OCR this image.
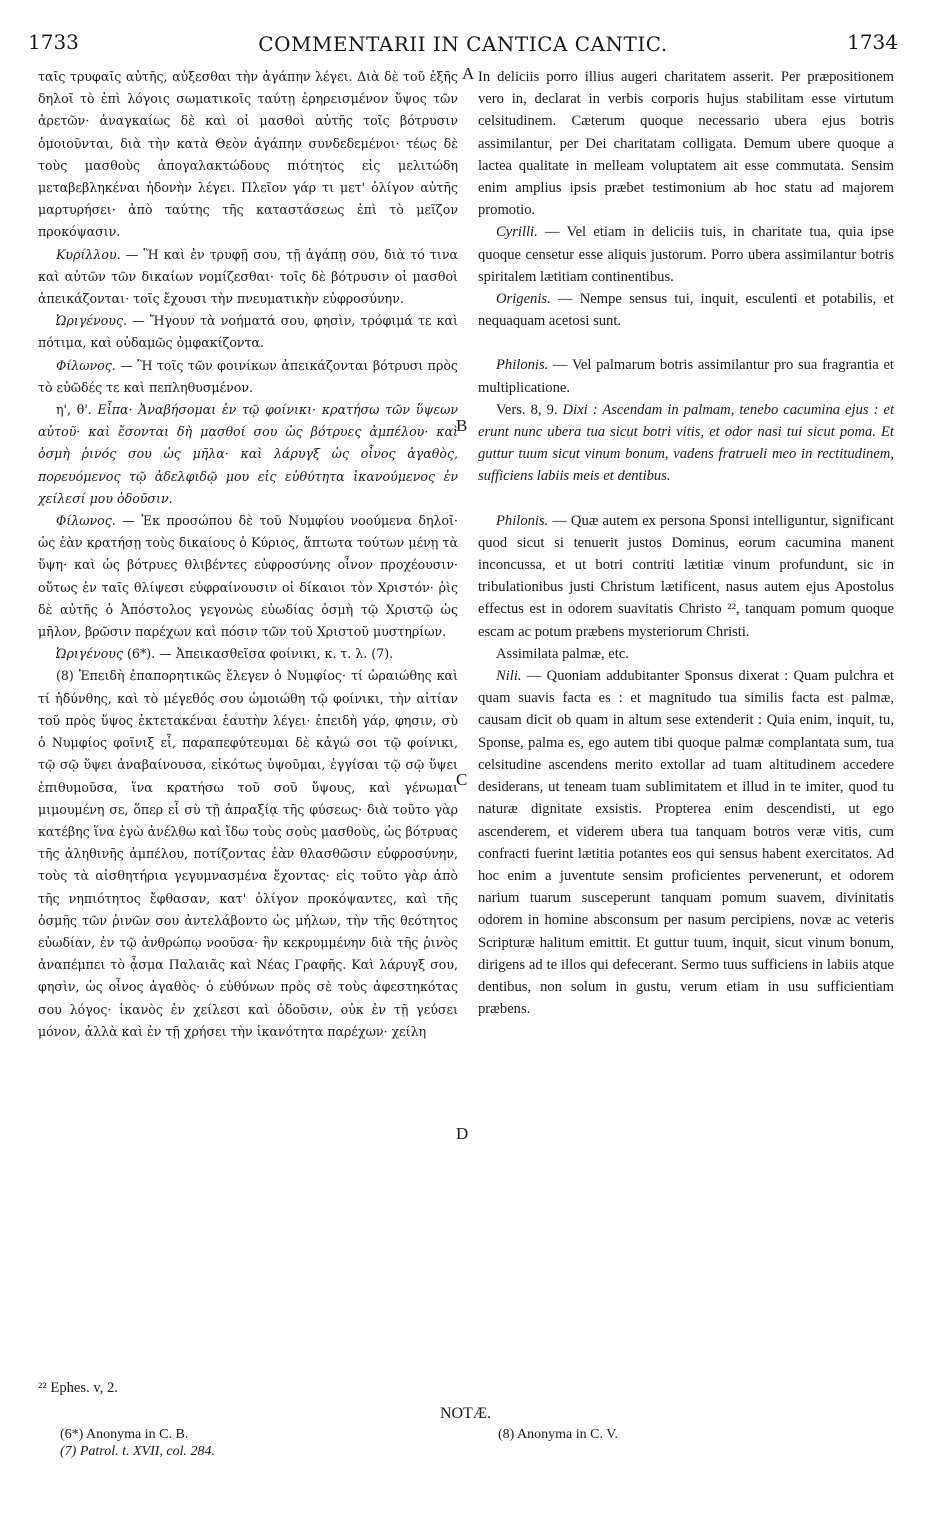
1733	COMMENTARII IN CANTICA CANTIC.	1734
A
B
C
D

ταῖς τρυφαῖς αὐτῆς, αὐξεσθαι τὴν ἀγάπην λέγει. Διὰ δὲ τοῦ ἑξῆς δηλοῖ τὸ ἐπὶ λόγοις σωματικοῖς ταύτῃ ἐρηρεισμένον ὕψος τῶν ἀρετῶν· ἀναγκαίως δὲ καὶ οἱ μασθοὶ αὐτῆς τοῖς βότρυσιν ὁμοιοῦνται, διὰ τὴν κατὰ Θεὸν ἀγάπην συνδεδεμένοι· τέως δὲ τοὺς μασθοὺς ἀπογαλακτώδους πιότητος εἰς μελιτώδη μεταβεβληκέναι ἡδονὴν λέγει. Πλεῖον γάρ τι μετ' ὀλίγον αὐτῆς μαρτυρήσει· ἀπὸ ταύτης τῆς καταστάσεως ἐπὶ τὸ μεῖζον προκόψασιν.

Κυρίλλου. — Ἢ καὶ ἐν τρυφῇ σου, τῇ ἀγάπῃ σου, διὰ τό τινα καὶ αὐτῶν τῶν δικαίων νομίζεσθαι· τοῖς δὲ βότρυσιν οἱ μασθοὶ ἀπεικάζονται· τοῖς ἔχουσι τὴν πνευματικὴν εὐφροσύνην.

Ὠριγένους. — Ἤγουν τὰ νοήματά σου, φησὶν, τρόφιμά τε καὶ πότιμα, καὶ οὐδαμῶς ὀμφακίζοντα.

Φίλωνος. — Ἢ τοῖς τῶν φοινίκων ἀπεικάζονται βότρυσι πρὸς τὸ εὐῶδές τε καὶ πεπληθυσμένον.

η', θ'. Εἶπα· Ἀναβήσομαι ἐν τῷ φοίνικι· κρατήσω τῶν ὕψεων αὐτοῦ· καὶ ἔσονται δὴ μασθοί σου ὡς βότρυες ἀμπέλου· καὶ ὀσμὴ ῥινός σου ὡς μῆλα· καὶ λάρυγξ ὡς οἶνος ἀγαθὸς, πορευόμενος τῷ ἀδελφιδῷ μου εἰς εὐθύτητα ἱκανούμενος ἐν χείλεσί μου ὀδοῦσιν.

Φίλωνος. — Ἐκ προσώπου δὲ τοῦ Νυμφίου νοούμενα δηλοῖ· ὡς ἐὰν κρατήσῃ τοὺς δικαίους ὁ Κύριος, ἄπτωτα τούτων μένῃ τὰ ὕψη· καὶ ὡς βότρυες θλιβέντες εὐφροσύνης οἶνον προχέουσιν· οὕτως ἐν ταῖς θλίψεσι εὐφραίνουσιν οἱ δίκαιοι τὸν Χριστόν· ῥὶς δὲ αὐτῆς ὁ Ἀπόστολος γεγονὼς εὐωδίας ὀσμὴ τῷ Χριστῷ ὡς μῆλον, βρῶσιν παρέχων καὶ πόσιν τῶν τοῦ Χριστοῦ μυστηρίων.

Ὠριγένους (6*). — Ἀπεικασθεῖσα φοίνικι, κ. τ. λ. (7).

(8) Ἐπειδὴ ἐπαπορητικῶς ἔλεγεν ὁ Νυμφίος· τί ὡραιώθης καὶ τί ἡδύνθης, καὶ τὸ μέγεθός σου ὡμοιώθη τῷ φοίνικι, τὴν αἰτίαν τοῦ πρὸς ὕψος ἐκτετακέναι ἑαυτὴν λέγει· ἐπειδὴ γάρ, φησιν, σὺ ὁ Νυμφίος φοῖνιξ εἶ, παραπεφύτευμαι δὲ κἀγώ σοι τῷ φοίνικι, τῷ σῷ ὕψει ἀναβαίνουσα, εἰκότως ὑψοῦμαι, ἐγγίσαι τῷ σῷ ὕψει ἐπιθυμοῦσα, ἵνα κρατήσω τοῦ σοῦ ὕψους, καὶ γένωμαι μιμουμένη σε, ὅπερ εἶ σὺ τῇ ἀπραξίᾳ τῆς φύσεως· διὰ τοῦτο γὰρ κατέβης ἵνα ἐγὼ ἀνέλθω καὶ ἴδω τοὺς σοὺς μασθοὺς, ὡς βότρυας τῆς ἀληθινῆς ἀμπέλου, ποτίζοντας ἐὰν θλασθῶσιν εὐφροσύνην, τοὺς τὰ αἰσθητήρια γεγυμνασμένα ἔχοντας· εἰς τοῦτο γὰρ ἀπὸ τῆς νηπιότητος ἔφθασαν, κατ' ὀλίγον προκόψαντες, καὶ τῆς ὀσμῆς τῶν ῥινῶν σου ἀντελάβοντο ὡς μήλων, τὴν τῆς θεότητος εὐωδίαν, ἐν τῷ ἀνθρώπῳ νοοῦσα· ἣν κεκρυμμένην διὰ τῆς ῥινὸς ἀναπέμπει τὸ ᾆσμα Παλαιᾶς καὶ Νέας Γραφῆς. Καὶ λάρυγξ σου, φησὶν, ὡς οἶνος ἀγαθὸς· ὁ εὐθύνων πρὸς σὲ τοὺς ἀφεστηκότας σου λόγος· ἱκανὸς ἐν χείλεσι καὶ ὀδοῦσιν, οὐκ ἐν τῇ γεύσει μόνον, ἀλλὰ καὶ ἐν τῇ χρήσει τὴν ἱκανότητα παρέχων· χείλη

In deliciis porro illius augeri charitatem asserit. Per præpositionem vero in, declarat in verbis corporis hujus stabilitam esse virtutum celsitudinem. Cæterum quoque necessario ubera ejus botris assimilantur, per Dei charitatam colligata. Demum ubere quoque a lactea qualitate in melleam voluptatem ait esse commutata. Sensim enim amplius ipsis præbet testimonium ab hoc statu ad majorem promotio.

Cyrilli. — Vel etiam in deliciis tuis, in charitate tua, quia ipse quoque censetur esse aliquis justorum. Porro ubera assimilantur botris spiritalem lætitiam continentibus.

Origenis. — Nempe sensus tui, inquit, esculenti et potabilis, et nequaquam acetosi sunt.

Philonis. — Vel palmarum botris assimilantur pro sua fragrantia et multiplicatione.

Vers. 8, 9. Dixi : Ascendam in palmam, tenebo cacumina ejus : et erunt nunc ubera tua sicut botri vitis, et odor nasi tui sicut poma. Et guttur tuum sicut vinum bonum, vadens fratrueli meo in rectitudinem, sufficiens labiis meis et dentibus.

Philonis. — Quæ autem ex persona Sponsi intelliguntur, significant quod sicut si tenuerit justos Dominus, eorum cacumina manent inconcussa, et ut botri contriti lætitiæ vinum profundunt, sic in tribulationibus justi Christum lætificent, nasus autem ejus Apostolus effectus est in odorem suavitatis Christo ²², tanquam pomum quoque escam ac potum præbens mysteriorum Christi.

Assimilata palmæ, etc.

Nili. — Quoniam addubitanter Sponsus dixerat : Quam pulchra et quam suavis facta es : et magnitudo tua similis facta est palmæ, causam dicit ob quam in altum sese extenderit : Quia enim, inquit, tu, Sponse, palma es, ego autem tibi quoque palmæ complantata sum, tua celsitudine ascendens merito extollar ad tuam altitudinem accedere desiderans, ut teneam tuam sublimitatem et illud in te imiter, quod tu naturæ dignitate exsistis. Propterea enim descendisti, ut ego ascenderem, et viderem ubera tua tanquam botros veræ vitis, cum confracti fuerint lætitia potantes eos qui sensus habent exercitatos. Ad hoc enim a juventute sensim proficientes pervenerunt, et odorem narium tuarum susceperunt tanquam pomum suavem, divinitatis odorem in homine absconsum per nasum percipiens, novæ ac veteris Scripturæ halitum emittit. Et guttur tuum, inquit, sicut vinum bonum, dirigens ad te illos qui defecerant. Sermo tuus sufficiens in labiis atque dentibus, non solum in gustu, verum etiam in usu sufficientiam præbens.

²² Ephes. v, 2.
NOTÆ.
(6*) Anonyma in C. B.
(7) Patrol. t. XVII, col. 284.
(8) Anonyma in C. V.
